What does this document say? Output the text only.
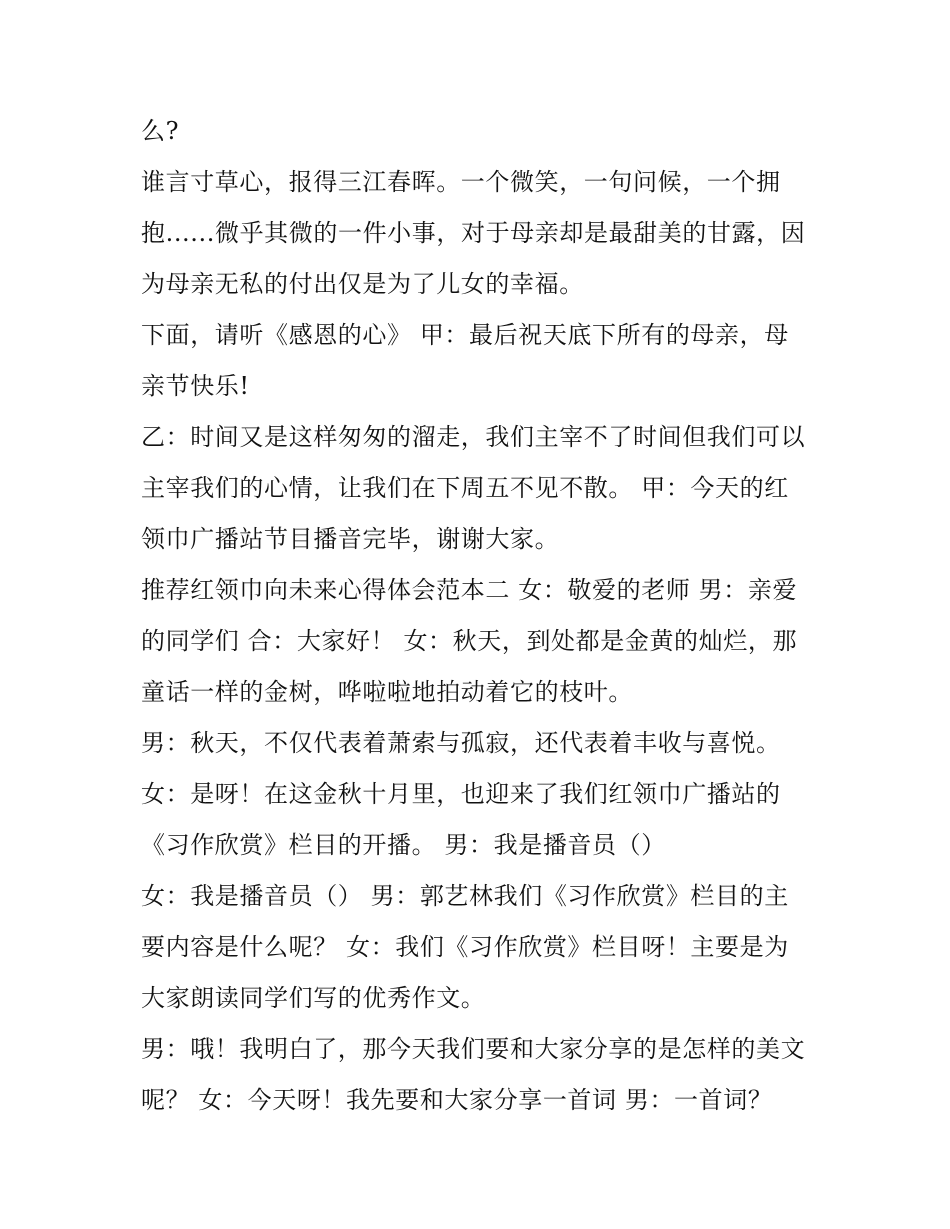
么?
谁言寸草心，报得三江春晖。一个微笑，一句问候，一个拥
抱......微乎其微的一件小事，对于母亲却是最甜美的甘露，因
为母亲无私的付出仅是为了儿女的幸福。
下面，请听《感恩的心》 甲：最后祝天底下所有的母亲，母
亲节快乐!
乙：时间又是这样匆匆的溜走，我们主宰不了时间但我们可以
主宰我们的心情，让我们在下周五不见不散。 甲：今天的红
领巾广播站节目播音完毕，谢谢大家。
推荐红领巾向未来心得体会范本二 女：敬爱的老师 男：亲爱
的同学们 合：大家好！ 女：秋天，到处都是金黄的灿烂，那
童话一样的金树，哗啦啦地拍动着它的枝叶。
男：秋天，不仅代表着萧索与孤寂，还代表着丰收与喜悦。
女：是呀！在这金秋十月里，也迎来了我们红领巾广播站的
《习作欣赏》栏目的开播。 男：我是播音员（）
女：我是播音员（） 男：郭艺林我们《习作欣赏》栏目的主
要内容是什么呢？ 女：我们《习作欣赏》栏目呀！主要是为
大家朗读同学们写的优秀作文。
男：哦！我明白了，那今天我们要和大家分享的是怎样的美文
呢？ 女：今天呀！我先要和大家分享一首词 男：一首词？
